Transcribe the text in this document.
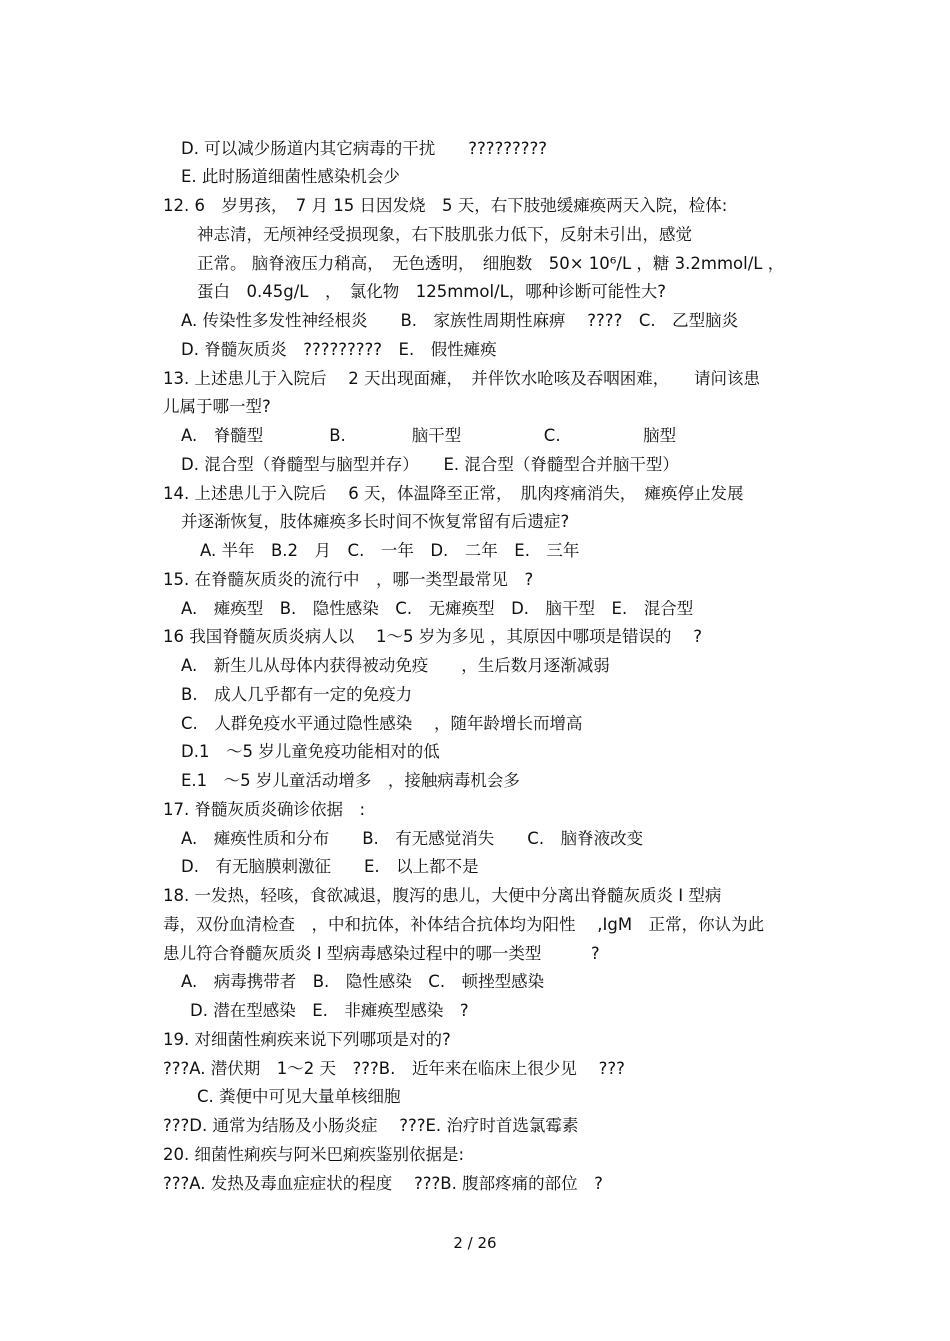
D. 可以减少肠道内其它病毒的干扰　　?????????
E. 此时肠道细菌性感染机会少
12. 6　岁男孩，　7 月 15 日因发烧　5 天，右下肢弛缓瘫痪两天入院，检体:
神志清，无颅神经受损现象，右下肢肌张力低下，反射未引出，感觉
正常。 脑脊液压力稍高，　无色透明，　细胞数　50× 10⁶/L ，糖 3.2mmol/L ，
蛋白　0.45g/L　，　氯化物　125mmol/L，哪种诊断可能性大?
A. 传染性多发性神经根炎　　B.　家族性周期性麻痹　 ????　C.　乙型脑炎
D. 脊髓灰质炎　?????????　E.　假性瘫痪
13. 上述患儿于入院后　 2 天出现面瘫，　并伴饮水呛咳及吞咽困难，　　请问该患
儿属于哪一型?
A.　脊髓型　　　　B.　　　　脑干型　　　　　C.　　　　　脑型
D. 混合型（脊髓型与脑型并存）　　E. 混合型（脊髓型合并脑干型）
14. 上述患儿于入院后　 6 天，体温降至正常，　肌肉疼痛消失，　瘫痪停止发展
并逐渐恢复，肢体瘫痪多长时间不恢复常留有后遗症?
A. 半年　B.2　月　C.　一年　D.　二年　E.　三年
15. 在脊髓灰质炎的流行中　，哪一类型最常见　?
A.　瘫痪型　B.　隐性感染　C.　无瘫痪型　D.　脑干型　E.　混合型
16 我国脊髓灰质炎病人以　 1～5 岁为多见 ，其原因中哪项是错误的　 ?
A.　新生儿从母体内获得被动免疫　　，生后数月逐渐减弱
B.　成人几乎都有一定的免疫力
C.　人群免疫水平通过隐性感染　 ，随年龄增长而增高
D.1　～5 岁儿童免疫功能相对的低
E.1　～5 岁儿童活动增多　，接触病毒机会多
17. 脊髓灰质炎确诊依据　:
A.　瘫痪性质和分布　　B.　有无感觉消失　　C.　脑脊液改变
D.　有无脑膜刺激征　　E.　以上都不是
18. 一发热，轻咳，食欲减退，腹泻的患儿，大便中分离出脊髓灰质炎 I 型病
毒，双份血清检查　，中和抗体，补体结合抗体均为阳性　 ,IgM　正常，你认为此
患儿符合脊髓灰质炎 I 型病毒感染过程中的哪一类型　　　?
A.　病毒携带者　B.　隐性感染　C.　顿挫型感染
D. 潜在型感染　E.　非瘫痪型感染　?
19. 对细菌性痢疾来说下列哪项是对的?
???A. 潜伏期　1～2 天　???B.　近年来在临床上很少见　 ???
C. 粪便中可见大量单核细胞
???D. 通常为结肠及小肠炎症　 ???E. 治疗时首选氯霉素
20. 细菌性痢疾与阿米巴痢疾鉴别依据是:
???A. 发热及毒血症症状的程度　 ???B. 腹部疼痛的部位　?
2 / 26
